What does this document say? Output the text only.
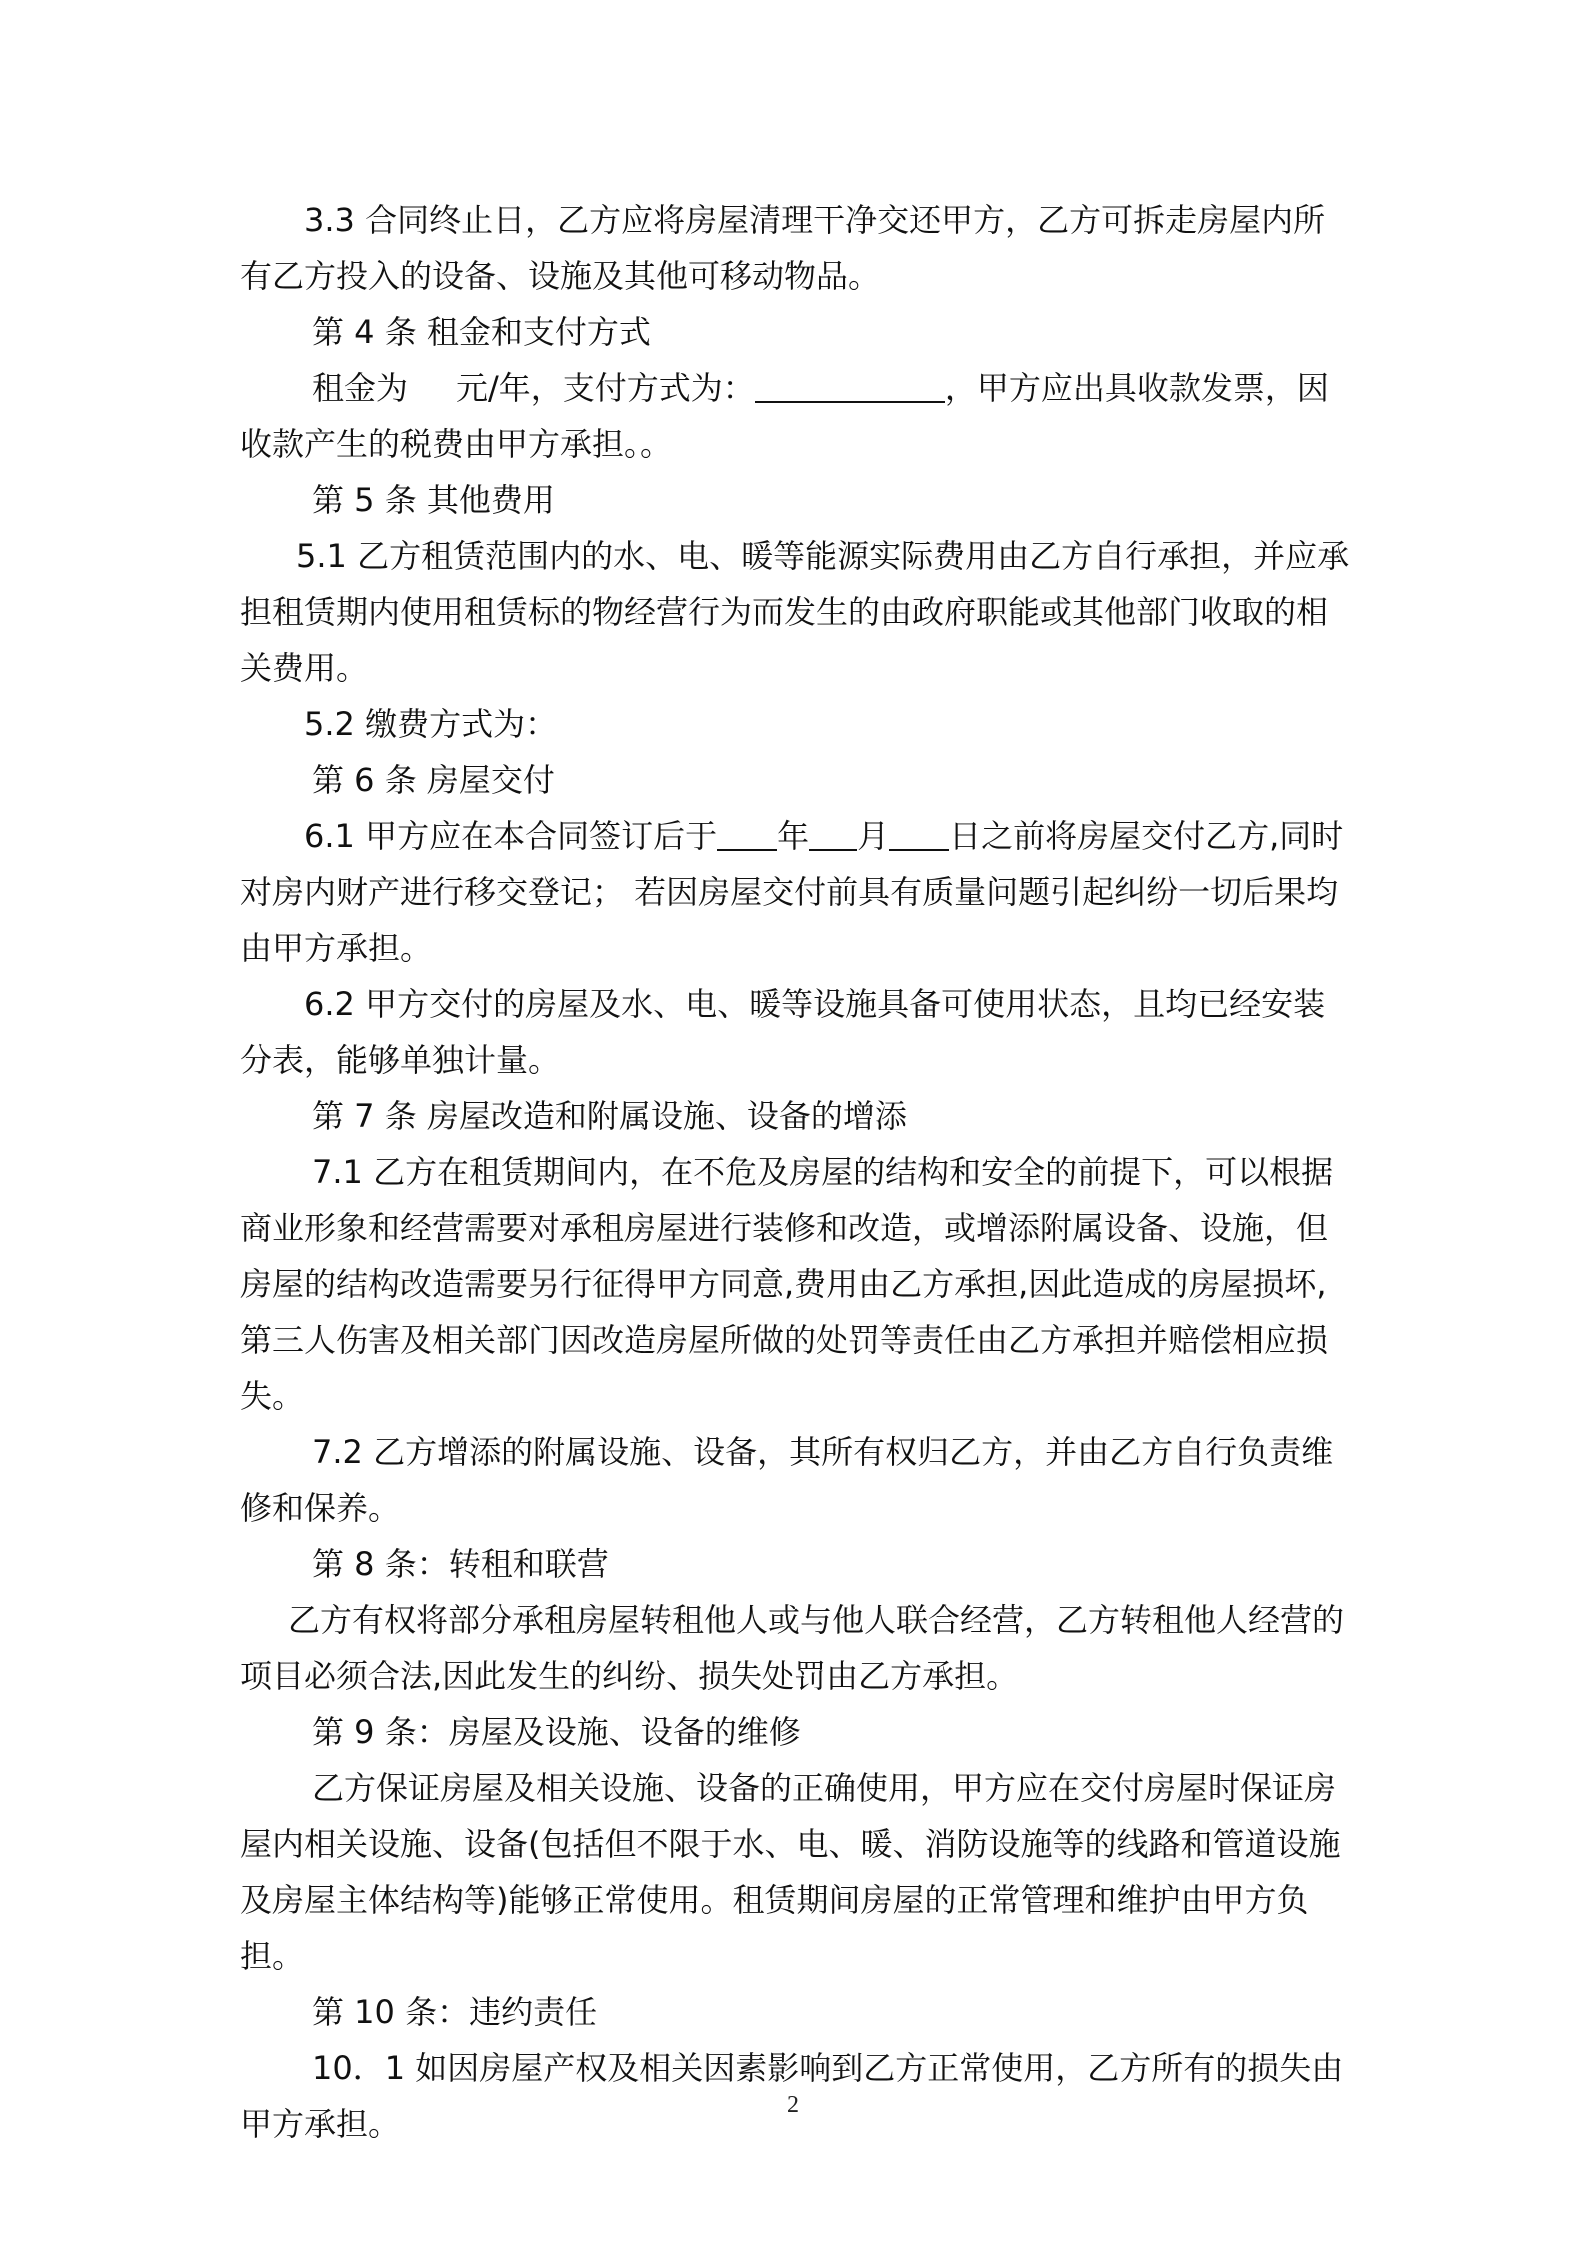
3.3 合同终止日，乙方应将房屋清理干净交还甲方，乙方可拆走房屋内所有乙方投入的设备、设施及其他可移动物品。

第 4 条 租金和支付方式

租金为 元/年，支付方式为：	，甲方应出具收款发票，因收款产生的税费由甲方承担。。

第 5 条 其他费用

5.1 乙方租赁范围内的水、电、暖等能源实际费用由乙方自行承担，并应承担租赁期内使用租赁标的物经营行为而发生的由政府职能或其他部门收取的相关费用。

5.2 缴费方式为：

第 6 条 房屋交付

6.1 甲方应在本合同签订后于 年 月 日之前将房屋交付乙方,同时对房内财产进行移交登记； 若因房屋交付前具有质量问题引起纠纷一切后果均由甲方承担。

6.2 甲方交付的房屋及水、电、暖等设施具备可使用状态，且均已经安装分表，能够单独计量。

第 7 条 房屋改造和附属设施、设备的增添

7.1 乙方在租赁期间内，在不危及房屋的结构和安全的前提下，可以根据商业形象和经营需要对承租房屋进行装修和改造，或增添附属设备、设施，但房屋的结构改造需要另行征得甲方同意,费用由乙方承担,因此造成的房屋损坏,第三人伤害及相关部门因改造房屋所做的处罚等责任由乙方承担并赔偿相应损失。

7.2 乙方增添的附属设施、设备，其所有权归乙方，并由乙方自行负责维修和保养。

第 8 条：转租和联营

乙方有权将部分承租房屋转租他人或与他人联合经营，乙方转租他人经营的项目必须合法,因此发生的纠纷、损失处罚由乙方承担。

第 9 条：房屋及设施、设备的维修

乙方保证房屋及相关设施、设备的正确使用，甲方应在交付房屋时保证房屋内相关设施、设备(包括但不限于水、电、暖、消防设施等的线路和管道设施及房屋主体结构等)能够正常使用。租赁期间房屋的正常管理和维护由甲方负担。

第 10 条：违约责任

10．1 如因房屋产权及相关因素影响到乙方正常使用，乙方所有的损失由甲方承担。	2
